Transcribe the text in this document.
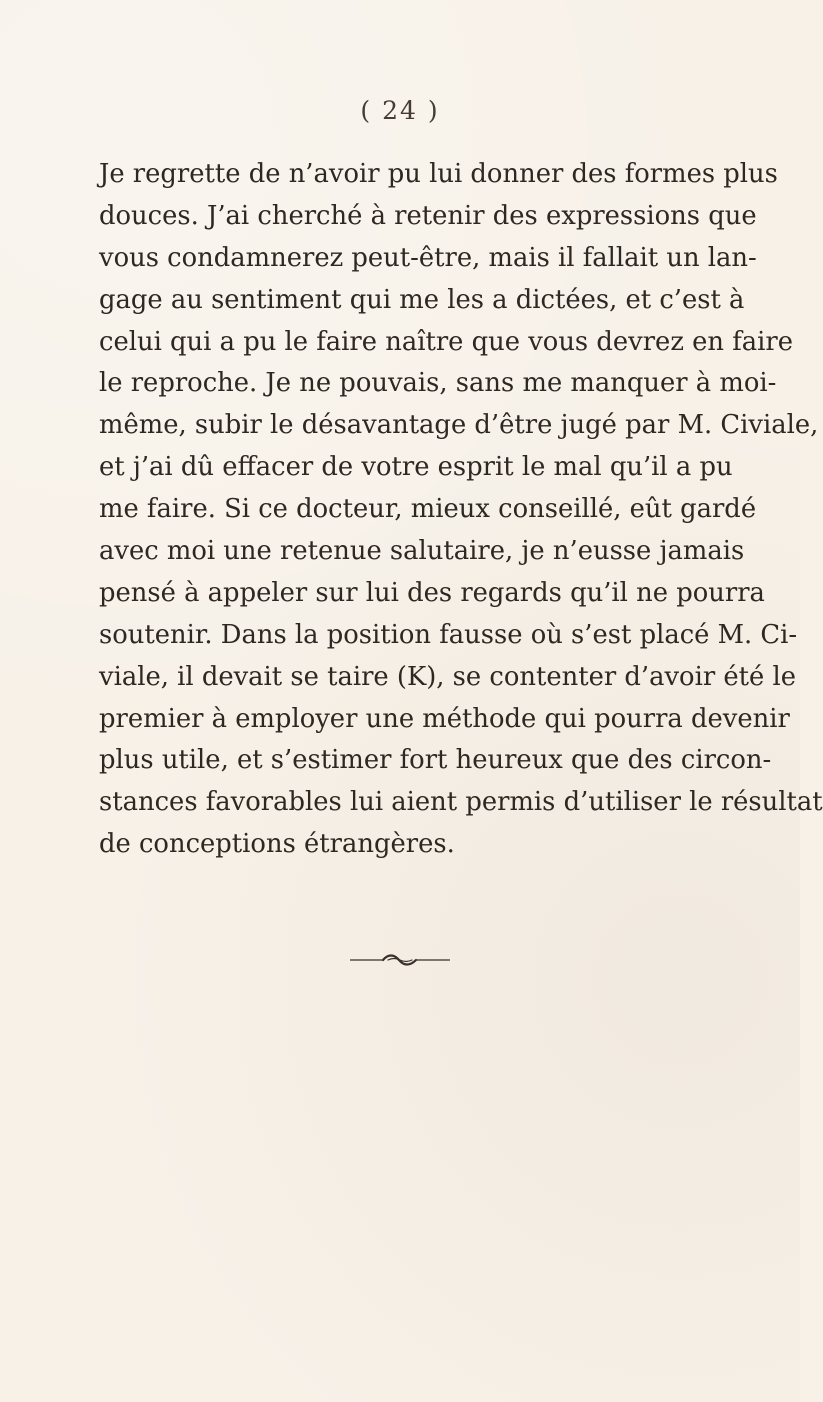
( 24 )
Je regrette de n’avoir pu lui donner des formes plus
douces. J’ai cherché à retenir des expressions que
vous condamnerez peut-être, mais il fallait un lan-
gage au sentiment qui me les a dictées, et c’est à
celui qui a pu le faire naître que vous devrez en faire
le reproche. Je ne pouvais, sans me manquer à moi-
même, subir le désavantage d’être jugé par M. Civiale,
et j’ai dû effacer de votre esprit le mal qu’il a pu
me faire. Si ce docteur, mieux conseillé, eût gardé
avec moi une retenue salutaire, je n’eusse jamais
pensé à appeler sur lui des regards qu’il ne pourra
soutenir. Dans la position fausse où s’est placé M. Ci-
viale, il devait se taire (K), se contenter d’avoir été le
premier à employer une méthode qui pourra devenir
plus utile, et s’estimer fort heureux que des circon-
stances favorables lui aient permis d’utiliser le résultat
de conceptions étrangères.
